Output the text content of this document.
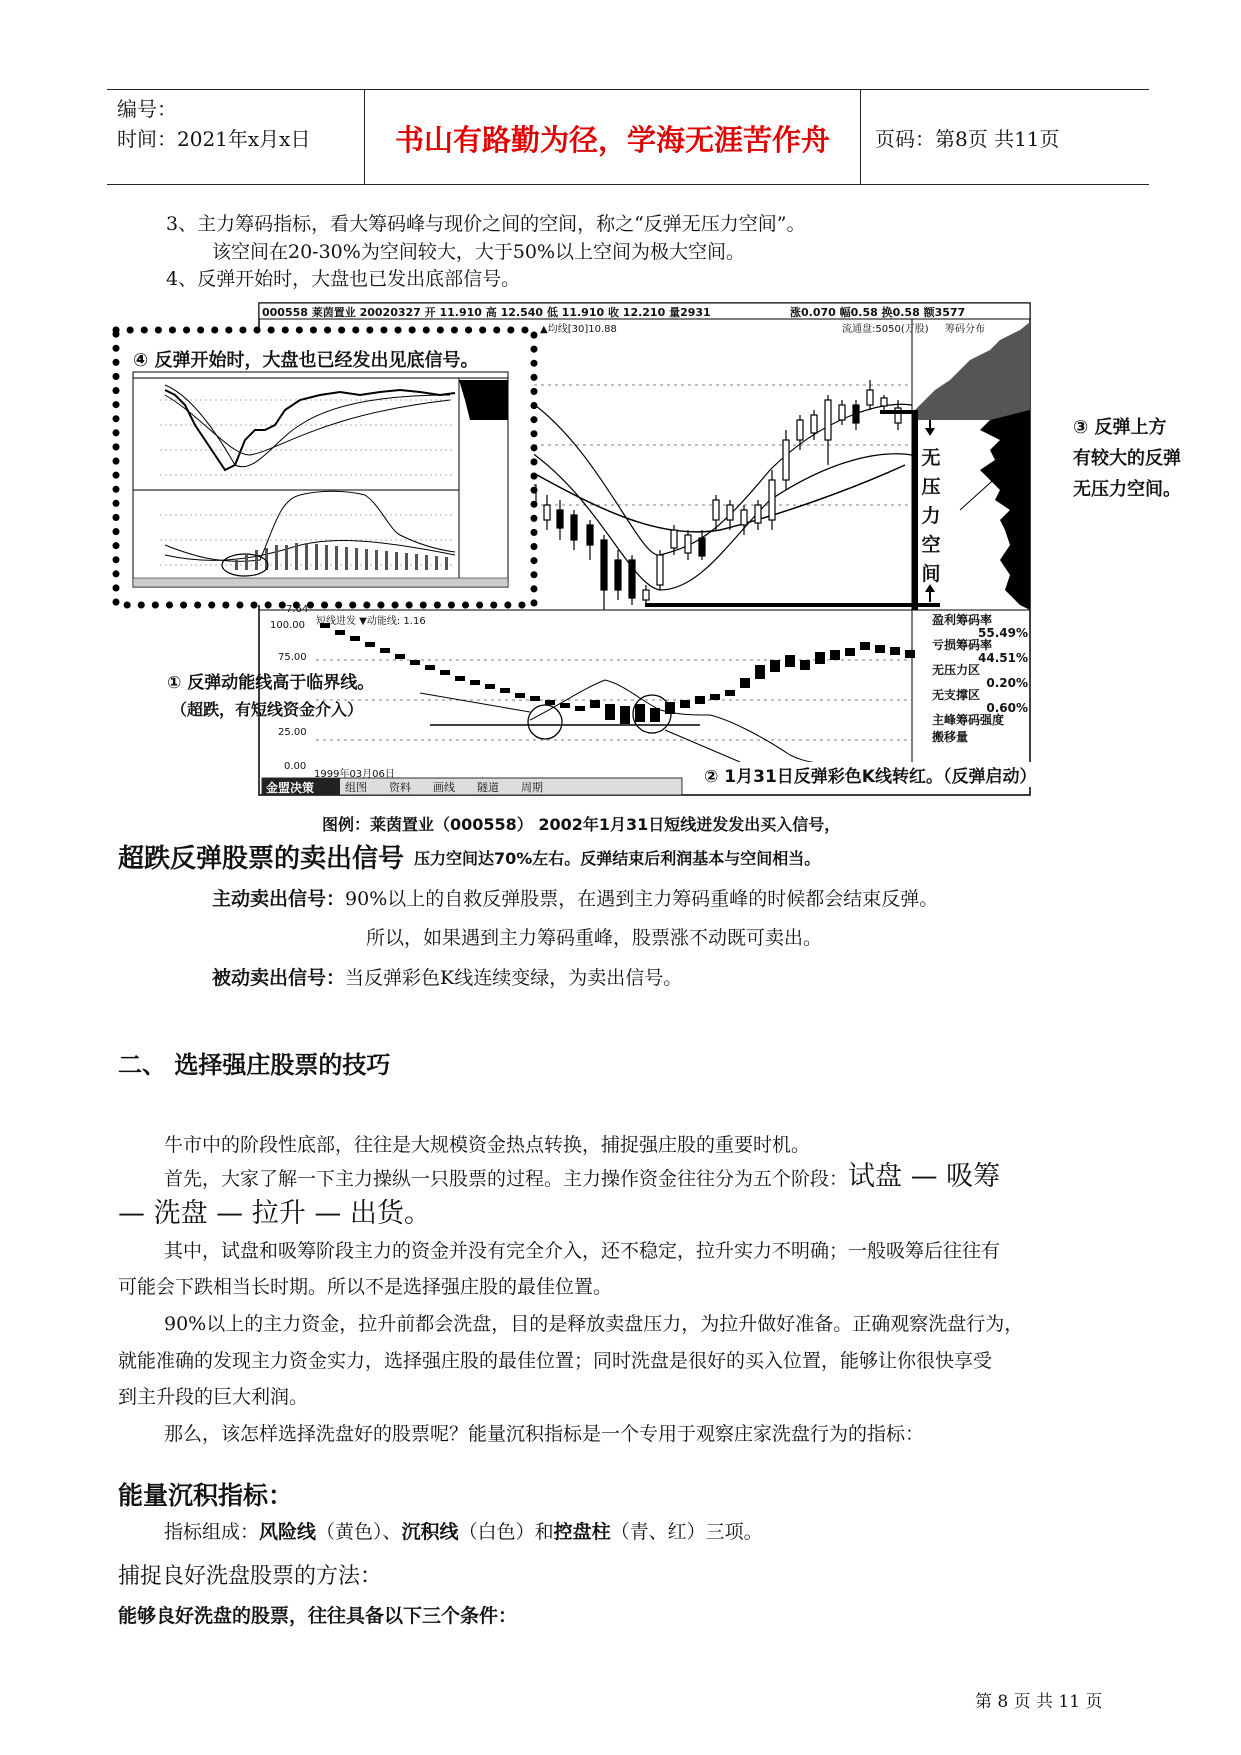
编号：
时间：2021年x月x日	书山有路勤为径，学海无涯苦作舟	页码：第8页 共11页
3、主力筹码指标，看大筹码峰与现价之间的空间，称之“反弹无压力空间”。
该空间在20-30%为空间较大，大于50%以上空间为极大空间。
4、反弹开始时，大盘也已发出底部信号。
000558 莱茵置业 20020327 开 11.910 高 12.540 低 11.910 收 12.210 量2931	涨0.070 幅0.58 换0.58 额3577
▲均线[30]10.88	流通盘:5050(万股) 筹码分布
④ 反弹开始时，大盘也已经发出见底信号。
③ 反弹上方
有较大的反弹
无压力空间。
无
压
力
空
间
7.64
短线进发 ▼动能线: 1.16
100.00
75.00
25.00
0.00
1999年03月06日
① 反弹动能线高于临界线。
（超跌，有短线资金介入）
② 1月31日反弹彩色K线转红。（反弹启动）
盈利筹码率
55.49%
亏损筹码率
44.51%
无压力区
0.20%
无支撑区
0.60%
主峰筹码强度
搬移量
金盟决策	组图 资料 画线 隧道 周期
图例：莱茵置业（000558） 2002年1月31日短线迸发发出买入信号，
压力空间达70%左右。反弹结束后利润基本与空间相当。
超跌反弹股票的卖出信号
主动卖出信号：90%以上的自救反弹股票，在遇到主力筹码重峰的时候都会结束反弹。
所以，如果遇到主力筹码重峰，股票涨不动既可卖出。
被动卖出信号：当反弹彩色K线连续变绿，为卖出信号。
二、 选择强庄股票的技巧
牛市中的阶段性底部，往往是大规模资金热点转换，捕捉强庄股的重要时机。
首先，大家了解一下主力操纵一只股票的过程。主力操作资金往往分为五个阶段：试盘 — 吸筹
— 洗盘 — 拉升 — 出货。
其中，试盘和吸筹阶段主力的资金并没有完全介入，还不稳定，拉升实力不明确；一般吸筹后往往有
可能会下跌相当长时期。所以不是选择强庄股的最佳位置。
90%以上的主力资金，拉升前都会洗盘，目的是释放卖盘压力，为拉升做好准备。正确观察洗盘行为，
就能准确的发现主力资金实力，选择强庄股的最佳位置；同时洗盘是很好的买入位置，能够让你很快享受
到主升段的巨大利润。
那么，该怎样选择洗盘好的股票呢？能量沉积指标是一个专用于观察庄家洗盘行为的指标：
能量沉积指标：
指标组成：风险线（黄色）、沉积线（白色）和控盘柱（青、红）三项。
捕捉良好洗盘股票的方法：
能够良好洗盘的股票，往往具备以下三个条件：
第 8 页 共 11 页
